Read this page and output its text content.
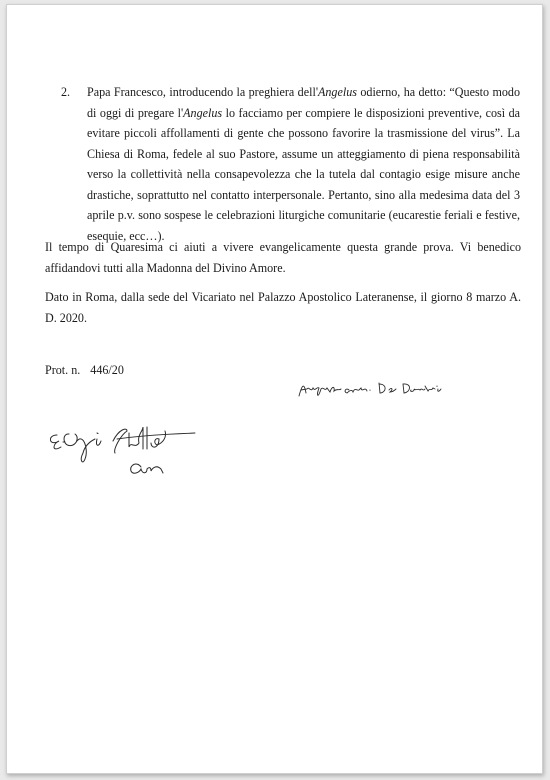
2. Papa Francesco, introducendo la preghiera dell'Angelus odierno, ha detto: “Questo modo di oggi di pregare l'Angelus lo facciamo per compiere le disposizioni preventive, così da evitare piccoli affollamenti di gente che possono favorire la trasmissione del virus”. La Chiesa di Roma, fedele al suo Pastore, assume un atteggiamento di piena responsabilità verso la collettività nella consapevolezza che la tutela dal contagio esige misure anche drastiche, soprattutto nel contatto interpersonale. Pertanto, sino alla medesima data del 3 aprile p.v. sono sospese le celebrazioni liturgiche comunitarie (eucarestie feriali e festive, esequie, ecc…).
Il tempo di Quaresima ci aiuti a vivere evangelicamente questa grande prova. Vi benedico affidandovi tutti alla Madonna del Divino Amore.
Dato in Roma, dalla sede del Vicariato nel Palazzo Apostolico Lateranense, il giorno 8 marzo A. D. 2020.
Prot. n. 446/20
